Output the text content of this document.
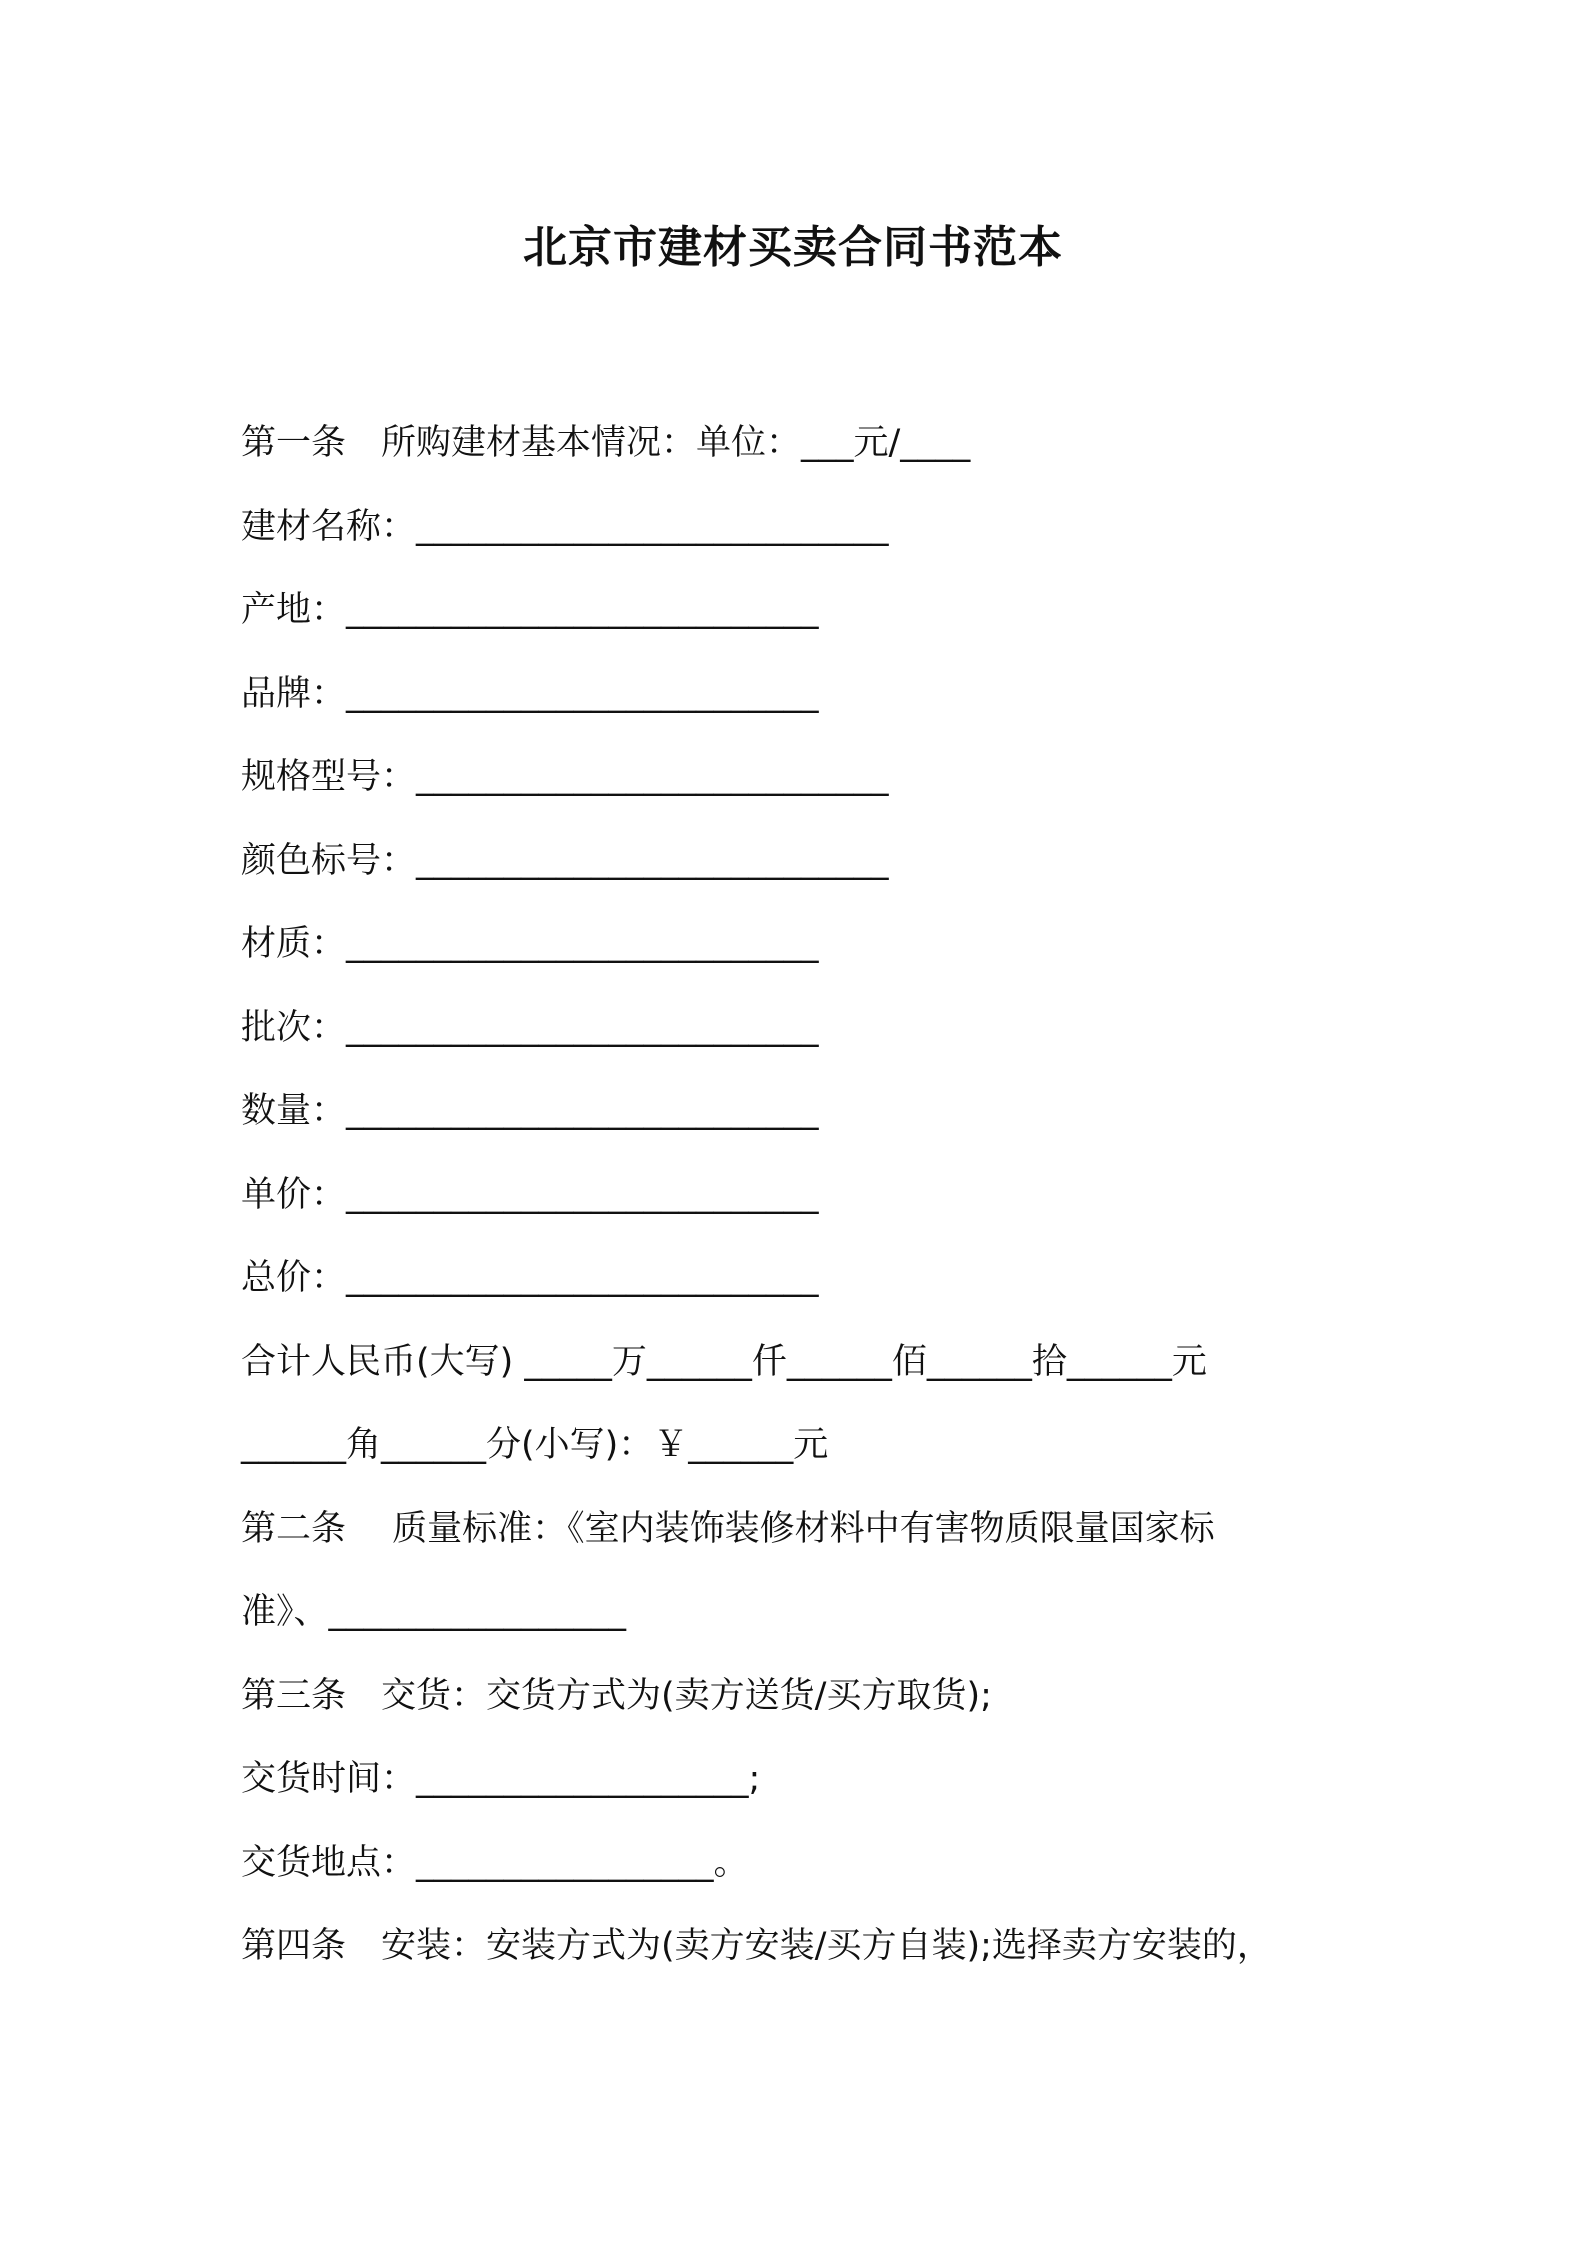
北京市建材买卖合同书范本
第一条　所购建材基本情况：单位：___元/____
建材名称：___________________________
产地：___________________________
品牌：___________________________
规格型号：___________________________
颜色标号：___________________________
材质：___________________________
批次：___________________________
数量：___________________________
单价：___________________________
总价：___________________________
合计人民币(大写) _____万______仟______佰______拾______元
______角______分(小写)：￥______元
第二条　 质量标准：《室内装饰装修材料中有害物质限量国家标
准》、_________________
第三条　交货：交货方式为(卖方送货/买方取货);
交货时间：___________________;
交货地点：_________________。
第四条　安装：安装方式为(卖方安装/买方自装);选择卖方安装的，
